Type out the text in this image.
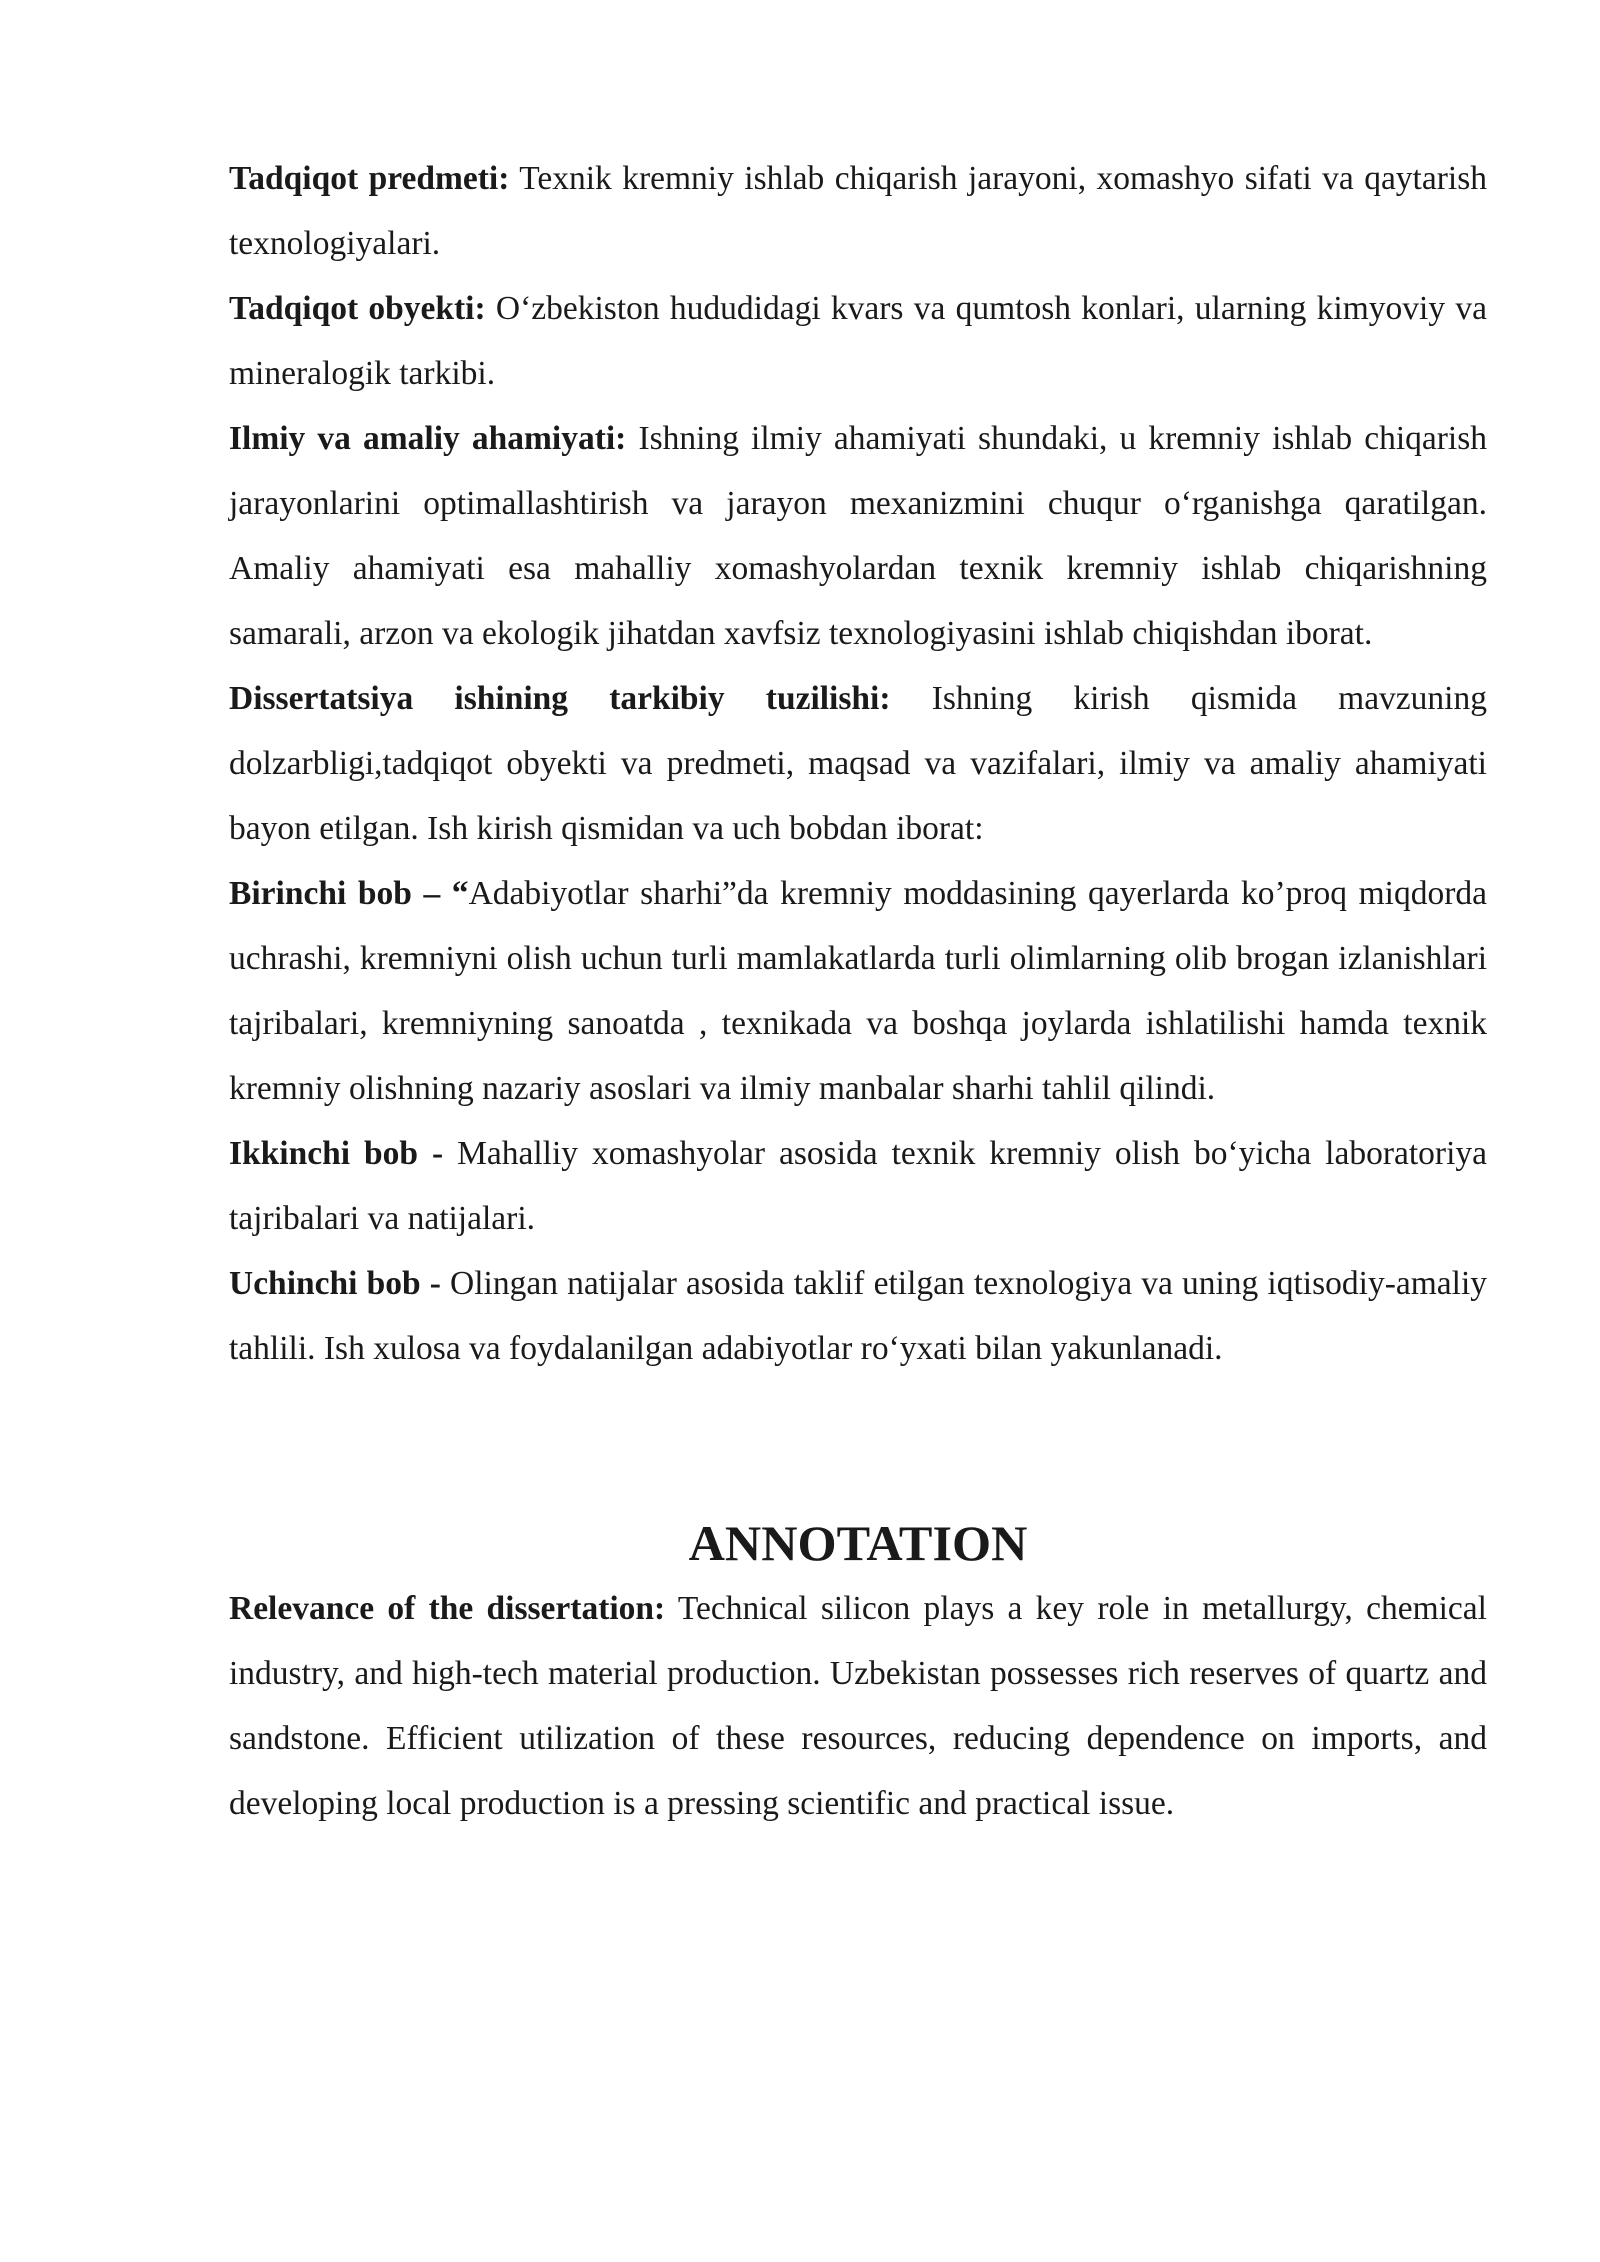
Tadqiqot predmeti: Texnik kremniy ishlab chiqarish jarayoni, xomashyo sifati va qaytarish texnologiyalari.

Tadqiqot obyekti: O‘zbekiston hududidagi kvars va qumtosh konlari, ularning kimyoviy va mineralogik tarkibi.

Ilmiy va amaliy ahamiyati: Ishning ilmiy ahamiyati shundaki, u kremniy ishlab chiqarish jarayonlarini optimallashtirish va jarayon mexanizmini chuqur o‘rganishga qaratilgan. Amaliy ahamiyati esa mahalliy xomashyolardan texnik kremniy ishlab chiqarishning samarali, arzon va ekologik jihatdan xavfsiz texnologiyasini ishlab chiqishdan iborat.

Dissertatsiya ishining tarkibiy tuzilishi: Ishning kirish qismida mavzuning dolzarbligi,tadqiqot obyekti va predmeti, maqsad va vazifalari, ilmiy va amaliy ahamiyati bayon etilgan. Ish kirish qismidan va uch bobdan iborat:

Birinchi bob – “Adabiyotlar sharhi”da kremniy moddasining qayerlarda ko’proq miqdorda uchrashi, kremniyni olish uchun turli mamlakatlarda turli olimlarning olib brogan izlanishlari tajribalari, kremniyning sanoatda , texnikada va boshqa joylarda ishlatilishi hamda texnik kremniy olishning nazariy asoslari va ilmiy manbalar sharhi tahlil qilindi.

Ikkinchi bob - Mahalliy xomashyolar asosida texnik kremniy olish bo‘yicha laboratoriya tajribalari va natijalari.

Uchinchi bob - Olingan natijalar asosida taklif etilgan texnologiya va uning iqtisodiy-amaliy tahlili. Ish xulosa va foydalanilgan adabiyotlar ro‘yxati bilan yakunlanadi.

ANNOTATION

Relevance of the dissertation: Technical silicon plays a key role in metallurgy, chemical industry, and high-tech material production. Uzbekistan possesses rich reserves of quartz and sandstone. Efficient utilization of these resources, reducing dependence on imports, and developing local production is a pressing scientific and practical issue.
